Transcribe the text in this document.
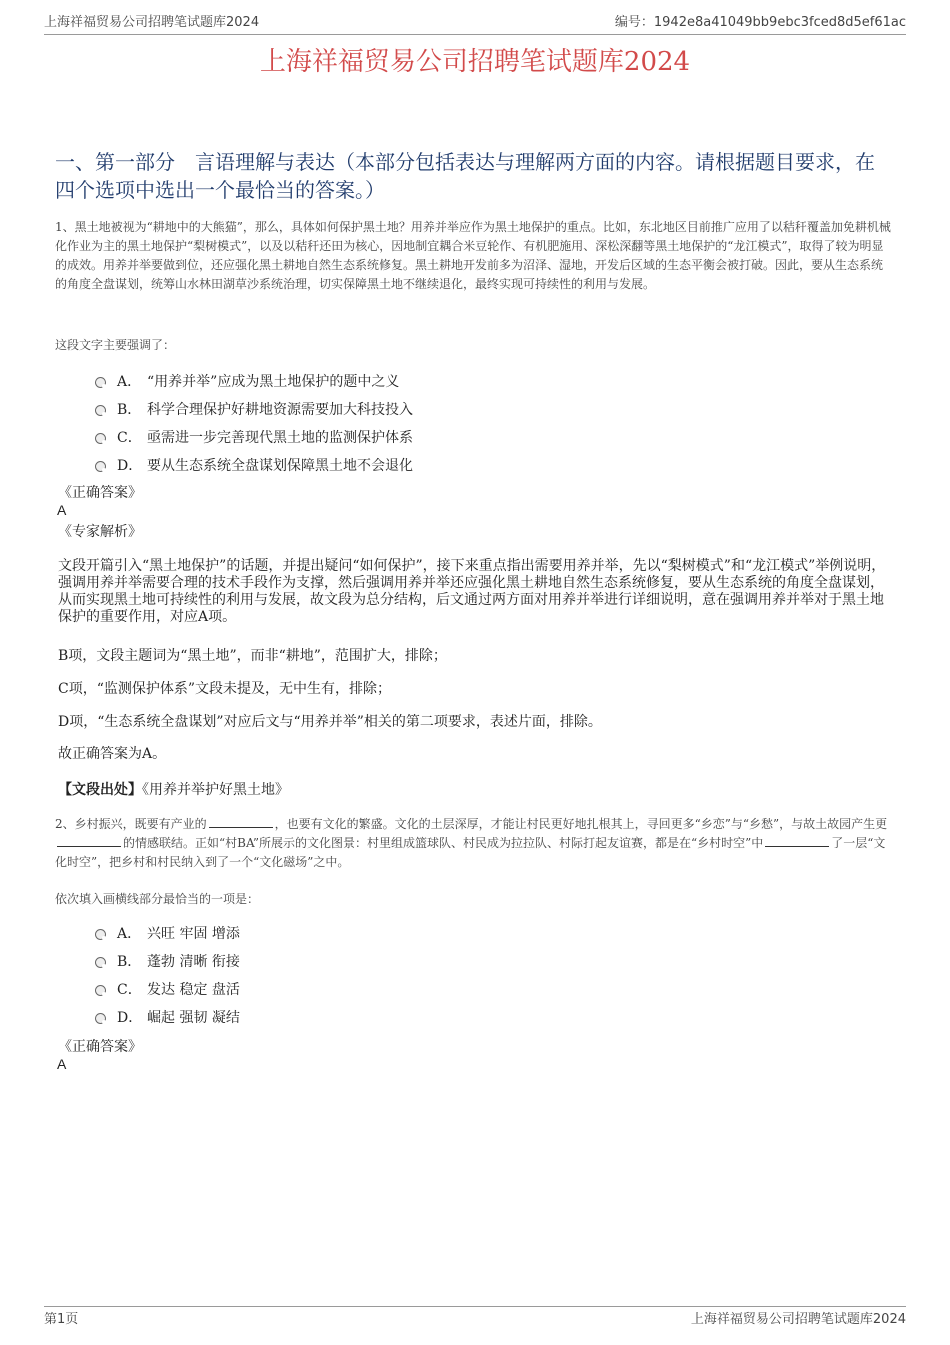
上海祥福贸易公司招聘笔试题库2024	编号：1942e8a41049bb9ebc3fced8d5ef61ac
上海祥福贸易公司招聘笔试题库2024
一、第一部分　言语理解与表达（本部分包括表达与理解两方面的内容。请根据题目要求，在四个选项中选出一个最恰当的答案。）
1、黑土地被视为“耕地中的大熊猫”，那么，具体如何保护黑土地？用养并举应作为黑土地保护的重点。比如，东北地区目前推广应用了以秸秆覆盖加免耕机械化作业为主的黑土地保护“梨树模式”，以及以秸秆还田为核心，因地制宜耦合米豆轮作、有机肥施用、深松深翻等黑土地保护的“龙江模式”，取得了较为明显的成效。用养并举要做到位，还应强化黑土耕地自然生态系统修复。黑土耕地开发前多为沼泽、湿地，开发后区域的生态平衡会被打破。因此，要从生态系统的角度全盘谋划，统筹山水林田湖草沙系统治理，切实保障黑土地不继续退化，最终实现可持续性的利用与发展。
这段文字主要强调了：
A． “用养并举”应成为黑土地保护的题中之义
B． 科学合理保护好耕地资源需要加大科技投入
C． 亟需进一步完善现代黑土地的监测保护体系
D． 要从生态系统全盘谋划保障黑土地不会退化
《正确答案》
A
《专家解析》
文段开篇引入“黑土地保护”的话题，并提出疑问“如何保护”，接下来重点指出需要用养并举，先以“梨树模式”和“龙江模式”举例说明，强调用养并举需要合理的技术手段作为支撑，然后强调用养并举还应强化黑土耕地自然生态系统修复，要从生态系统的角度全盘谋划，从而实现黑土地可持续性的利用与发展，故文段为总分结构，后文通过两方面对用养并举进行详细说明，意在强调用养并举对于黑土地保护的重要作用，对应A项。
B项，文段主题词为“黑土地”，而非“耕地”，范围扩大，排除；
C项，“监测保护体系”文段未提及，无中生有，排除；
D项，“生态系统全盘谋划”对应后文与“用养并举”相关的第二项要求，表述片面，排除。
故正确答案为A。
【文段出处】《用养并举护好黑土地》
2、乡村振兴，既要有产业的	，也要有文化的繁盛。文化的土层深厚，才能让村民更好地扎根其上，寻回更多“乡恋”与“乡愁”，与故土故园产生更的情感联结。正如“村BA”所展示的文化图景：村里组成篮球队、村民成为拉拉队、村际打起友谊赛，都是在“乡村时空”中	了一层“文化时空”，把乡村和村民纳入到了一个“文化磁场”之中。
依次填入画横线部分最恰当的一项是：
A． 兴旺 牢固 增添
B． 蓬勃 清晰 衔接
C． 发达 稳定 盘活
D． 崛起 强韧 凝结
《正确答案》
A
第1页	上海祥福贸易公司招聘笔试题库2024
